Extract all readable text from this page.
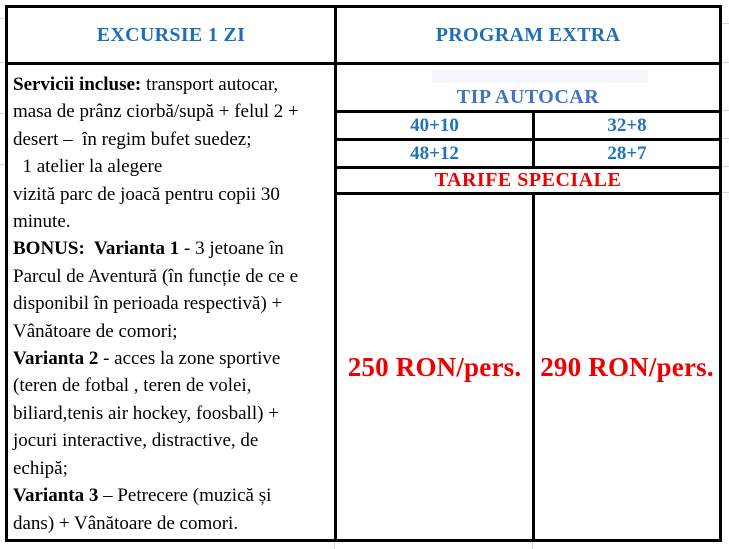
EXCURSIE 1 ZI	PROGRAM EXTRA
Servicii incluse: transport autocar,
masa de prânz ciorbă/supă + felul 2 +
desert –  în regim bufet suedez;
1 atelier la alegere
vizită parc de joacă pentru copii 30
minute.
BONUS:  Varianta 1 - 3 jetoane în
Parcul de Aventură (în funcție de ce e
disponibil în perioada respectivă) +
Vânătoare de comori;
Varianta 2 - acces la zone sportive
(teren de fotbal , teren de volei,
biliard,tenis air hockey, foosball) +
jocuri interactive, distractive, de
echipă;
Varianta 3 – Petrecere (muzică și
dans) + Vânătoare de comori.
TIP AUTOCAR
40+10	32+8
48+12	28+7
TARIFE SPECIALE
250 RON/pers. 290 RON/pers.
